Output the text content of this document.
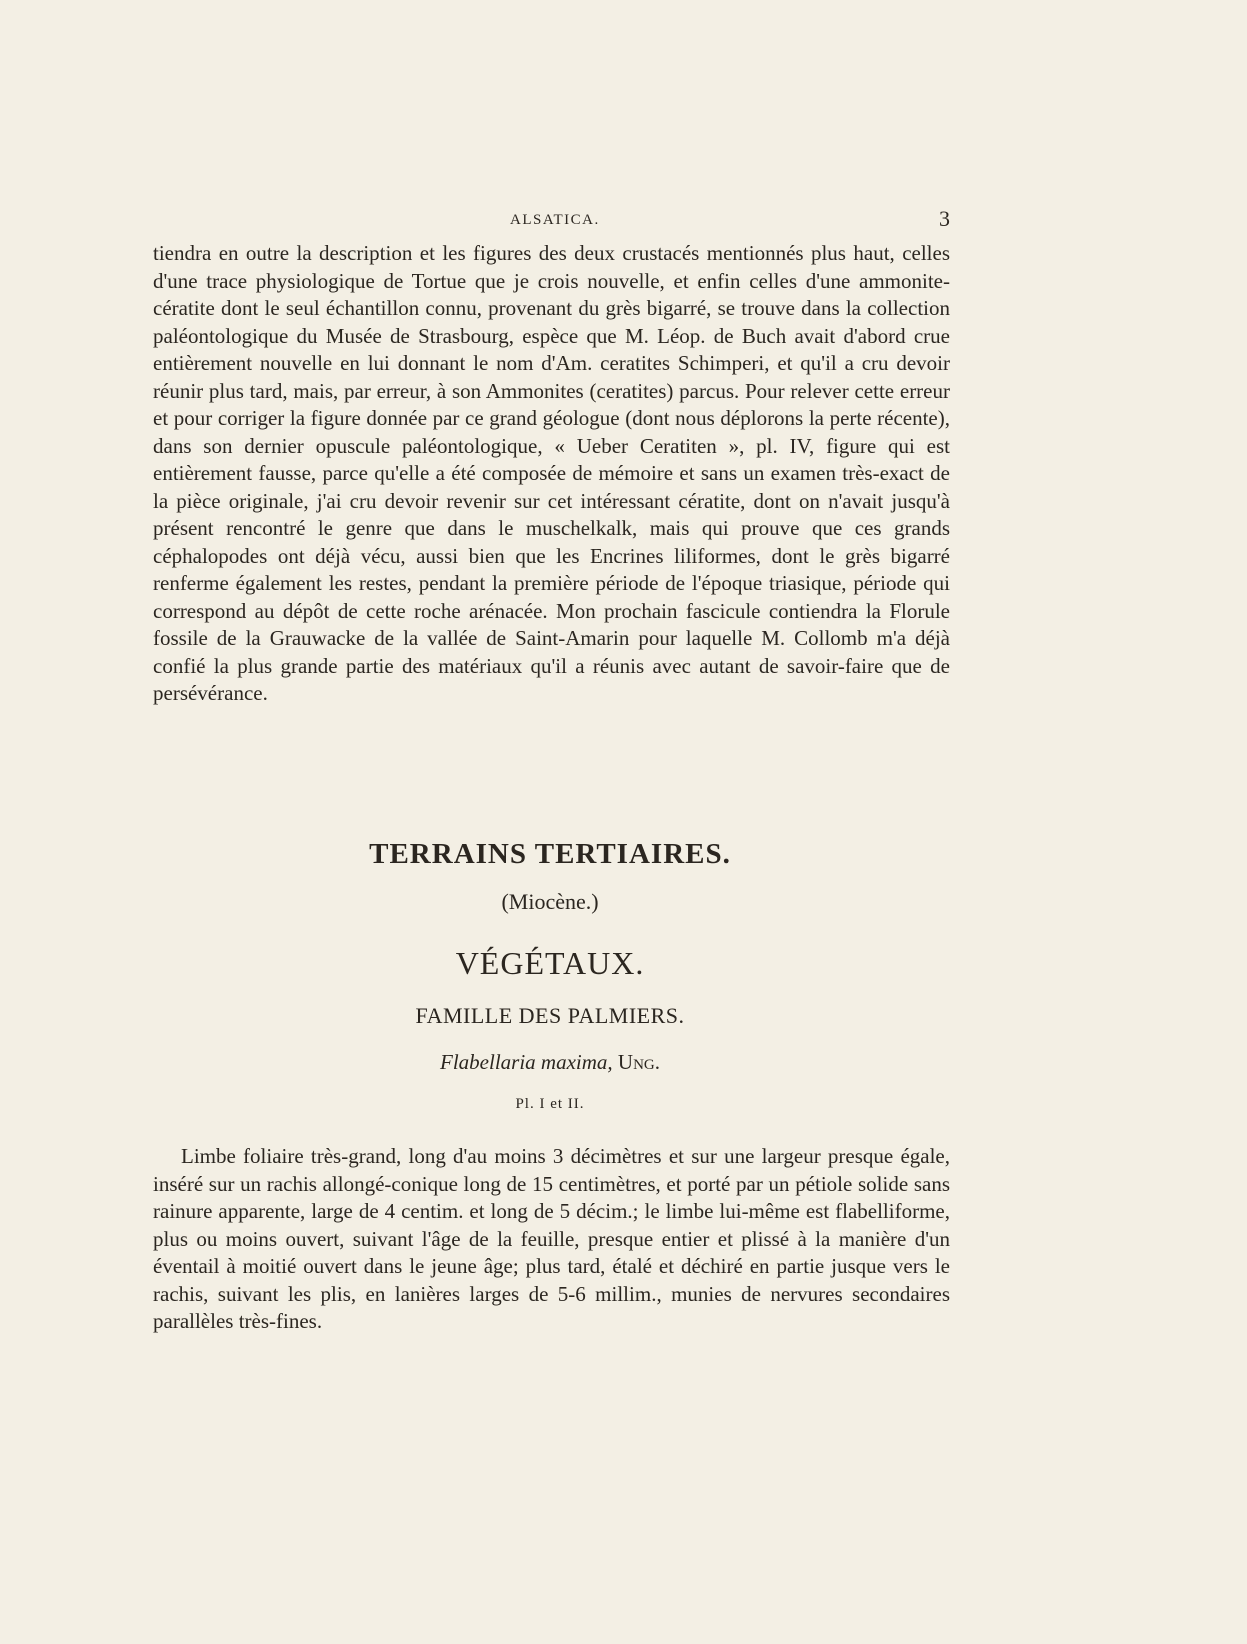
ALSATICA.	3

tiendra en outre la description et les figures des deux crustacés mentionnés plus haut, celles d'une trace physiologique de Tortue que je crois nouvelle, et enfin celles d'une ammonite-cératite dont le seul échantillon connu, provenant du grès bigarré, se trouve dans la collection paléontologique du Musée de Strasbourg, espèce que M. Léop. de Buch avait d'abord crue entièrement nouvelle en lui donnant le nom d'Am. ceratites Schimperi, et qu'il a cru devoir réunir plus tard, mais, par erreur, à son Ammonites (ceratites) parcus. Pour relever cette erreur et pour corriger la figure donnée par ce grand géologue (dont nous déplorons la perte récente), dans son dernier opuscule paléontologique, « Ueber Ceratiten », pl. IV, figure qui est entièrement fausse, parce qu'elle a été composée de mémoire et sans un examen très-exact de la pièce originale, j'ai cru devoir revenir sur cet intéressant cératite, dont on n'avait jusqu'à présent rencontré le genre que dans le muschelkalk, mais qui prouve que ces grands céphalopodes ont déjà vécu, aussi bien que les Encrines liliformes, dont le grès bigarré renferme également les restes, pendant la première période de l'époque triasique, période qui correspond au dépôt de cette roche arénacée. Mon prochain fascicule contiendra la Florule fossile de la Grauwacke de la vallée de Saint-Amarin pour laquelle M. Collomb m'a déjà confié la plus grande partie des matériaux qu'il a réunis avec autant de savoir-faire que de persévérance.

TERRAINS TERTIAIRES.
(Miocène.)
VÉGÉTAUX.
FAMILLE DES PALMIERS.
Flabellaria maxima, Ung.
Pl. I et II.

Limbe foliaire très-grand, long d'au moins 3 décimètres et sur une largeur presque égale, inséré sur un rachis allongé-conique long de 15 centimètres, et porté par un pétiole solide sans rainure apparente, large de 4 centim. et long de 5 décim.; le limbe lui-même est flabelliforme, plus ou moins ouvert, suivant l'âge de la feuille, presque entier et plissé à la manière d'un éventail à moitié ouvert dans le jeune âge; plus tard, étalé et déchiré en partie jusque vers le rachis, suivant les plis, en lanières larges de 5-6 millim., munies de nervures secondaires parallèles très-fines.
